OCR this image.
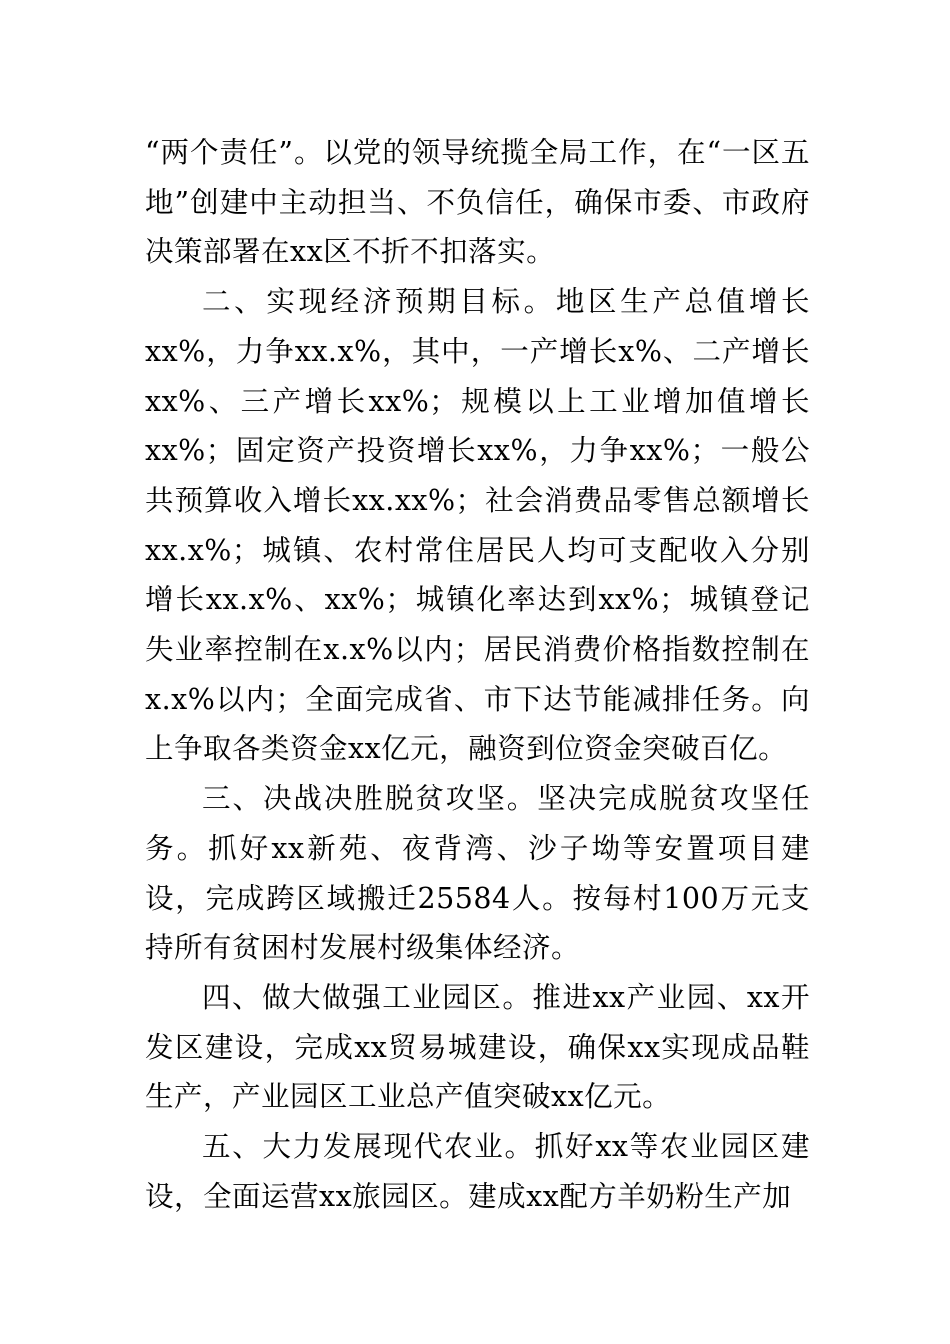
“两个责任”。以党的领导统揽全局工作，在“一区五地”创建中主动担当、不负信任，确保市委、市政府决策部署在xx区不折不扣落实。

二、实现经济预期目标。地区生产总值增长xx%，力争xx.x%，其中，一产增长x%、二产增长xx%、三产增长xx%；规模以上工业增加值增长xx%；固定资产投资增长xx%，力争xx%；一般公共预算收入增长xx.xx%；社会消费品零售总额增长xx.x%；城镇、农村常住居民人均可支配收入分别增长xx.x%、xx%；城镇化率达到xx%；城镇登记失业率控制在x.x%以内；居民消费价格指数控制在x.x%以内；全面完成省、市下达节能减排任务。向上争取各类资金xx亿元，融资到位资金突破百亿。

三、决战决胜脱贫攻坚。坚决完成脱贫攻坚任务。抓好xx新苑、夜背湾、沙子坳等安置项目建设，完成跨区域搬迁25584人。按每村100万元支持所有贫困村发展村级集体经济。

四、做大做强工业园区。推进xx产业园、xx开发区建设，完成xx贸易城建设，确保xx实现成品鞋生产，产业园区工业总产值突破xx亿元。

五、大力发展现代农业。抓好xx等农业园区建设，全面运营xx旅园区。建成xx配方羊奶粉生产加
